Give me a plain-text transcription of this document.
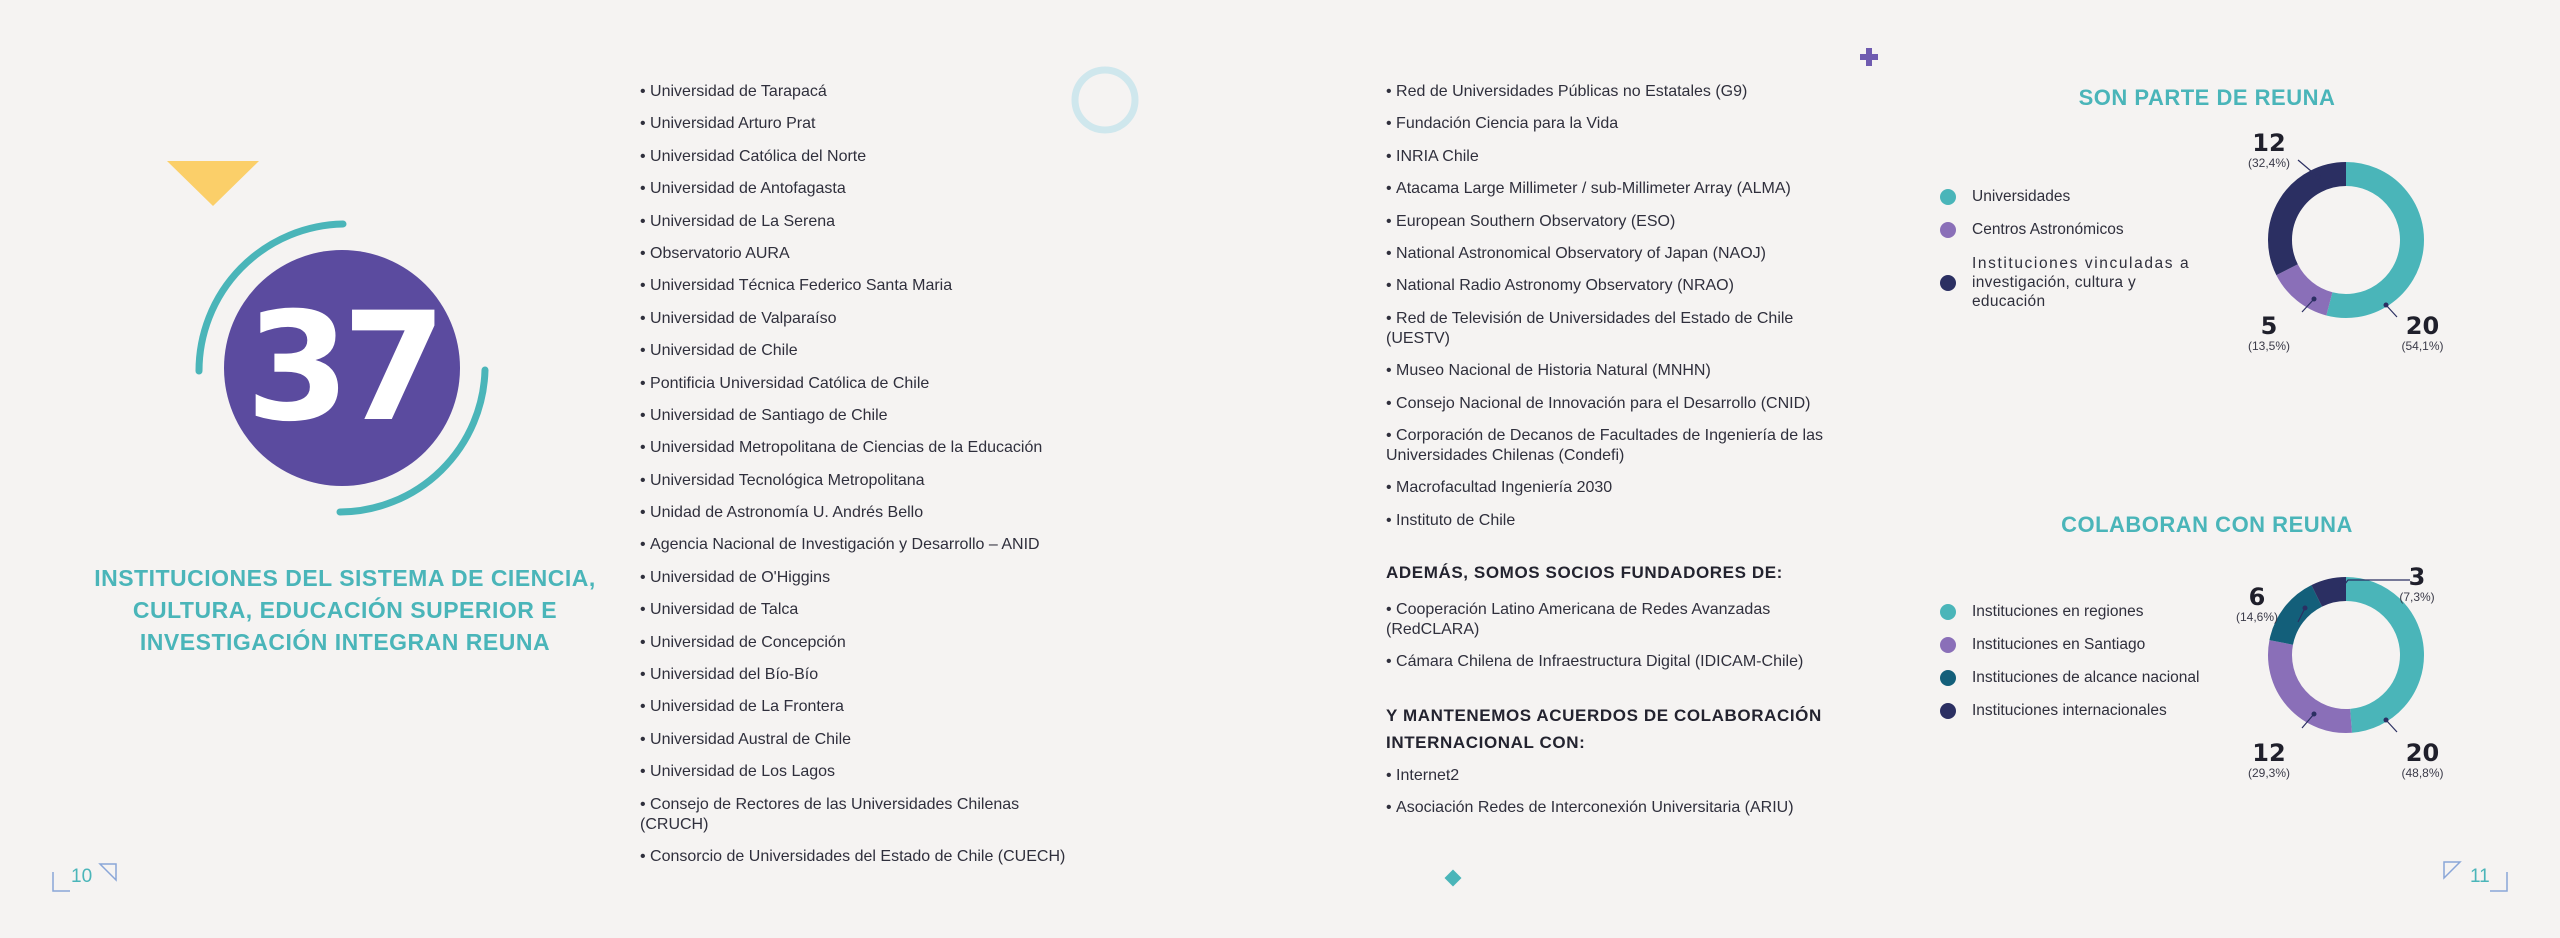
37
INSTITUCIONES DEL SISTEMA DE CIENCIA,
CULTURA, EDUCACIÓN SUPERIOR E
INVESTIGACIÓN INTEGRAN REUNA
10	11
• Universidad de Tarapacá
• Universidad Arturo Prat
• Universidad Católica del Norte
• Universidad de Antofagasta
• Universidad de La Serena
• Observatorio AURA
• Universidad Técnica Federico Santa Maria
• Universidad de Valparaíso
• Universidad de Chile
• Pontificia Universidad Católica de Chile
• Universidad de Santiago de Chile
• Universidad Metropolitana de Ciencias de la Educación
• Universidad Tecnológica Metropolitana
• Unidad de Astronomía U. Andrés Bello
• Agencia Nacional de Investigación y Desarrollo – ANID
• Universidad de O'Higgins
• Universidad de Talca
• Universidad de Concepción
• Universidad del Bío-Bío
• Universidad de La Frontera
• Universidad Austral de Chile
• Universidad de Los Lagos
• Consejo de Rectores de las Universidades Chilenas (CRUCH)
• Consorcio de Universidades del Estado de Chile (CUECH)
• Red de Universidades Públicas no Estatales (G9)
• Fundación Ciencia para la Vida
• INRIA Chile
• Atacama Large Millimeter / sub-Millimeter Array (ALMA)
• European Southern Observatory (ESO)
• National Astronomical Observatory of Japan (NAOJ)
• National Radio Astronomy Observatory (NRAO)
• Red de Televisión de Universidades del Estado de Chile (UESTV)
• Museo Nacional de Historia Natural (MNHN)
• Consejo Nacional de Innovación para el Desarrollo (CNID)
• Corporación de Decanos de Facultades de Ingeniería de las Universidades Chilenas (Condefi)
• Macrofacultad Ingeniería 2030
• Instituto de Chile
ADEMÁS, SOMOS SOCIOS FUNDADORES DE:
• Cooperación Latino Americana de Redes Avanzadas (RedCLARA)
• Cámara Chilena de Infraestructura Digital (IDICAM-Chile)
Y MANTENEMOS ACUERDOS DE COLABORACIÓN
INTERNACIONAL CON:
• Internet2
• Asociación Redes de Interconexión Universitaria (ARIU)
SON PARTE DE REUNA
Universidades
Centros Astronómicos
Instituciones vinculadas a
investigación, cultura y educación
12
(32,4%)
5
(13,5%)
20
(54,1%)
COLABORAN CON REUNA
Instituciones en regiones
Instituciones en Santiago
Instituciones de alcance nacional
Instituciones internacionales
6
(14,6%)
3
(7,3%)
12
(29,3%)
20
(48,8%)
